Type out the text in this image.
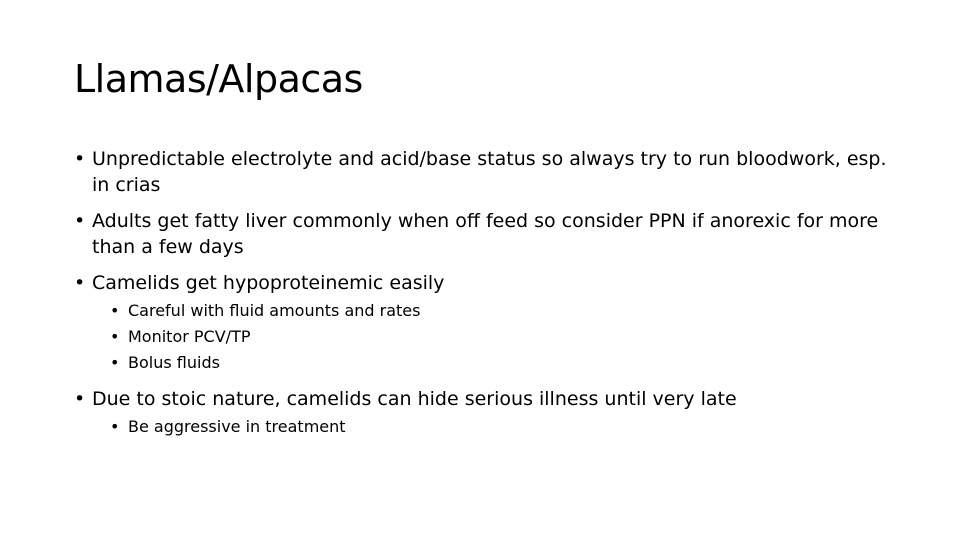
Llamas/Alpacas
• Unpredictable electrolyte and acid/base status so always try to run bloodwork, esp. in crias
• Adults get fatty liver commonly when off feed so consider PPN if anorexic for more than a few days
• Camelids get hypoproteinemic easily
• Careful with fluid amounts and rates
• Monitor PCV/TP
• Bolus fluids
• Due to stoic nature, camelids can hide serious illness until very late
• Be aggressive in treatment
